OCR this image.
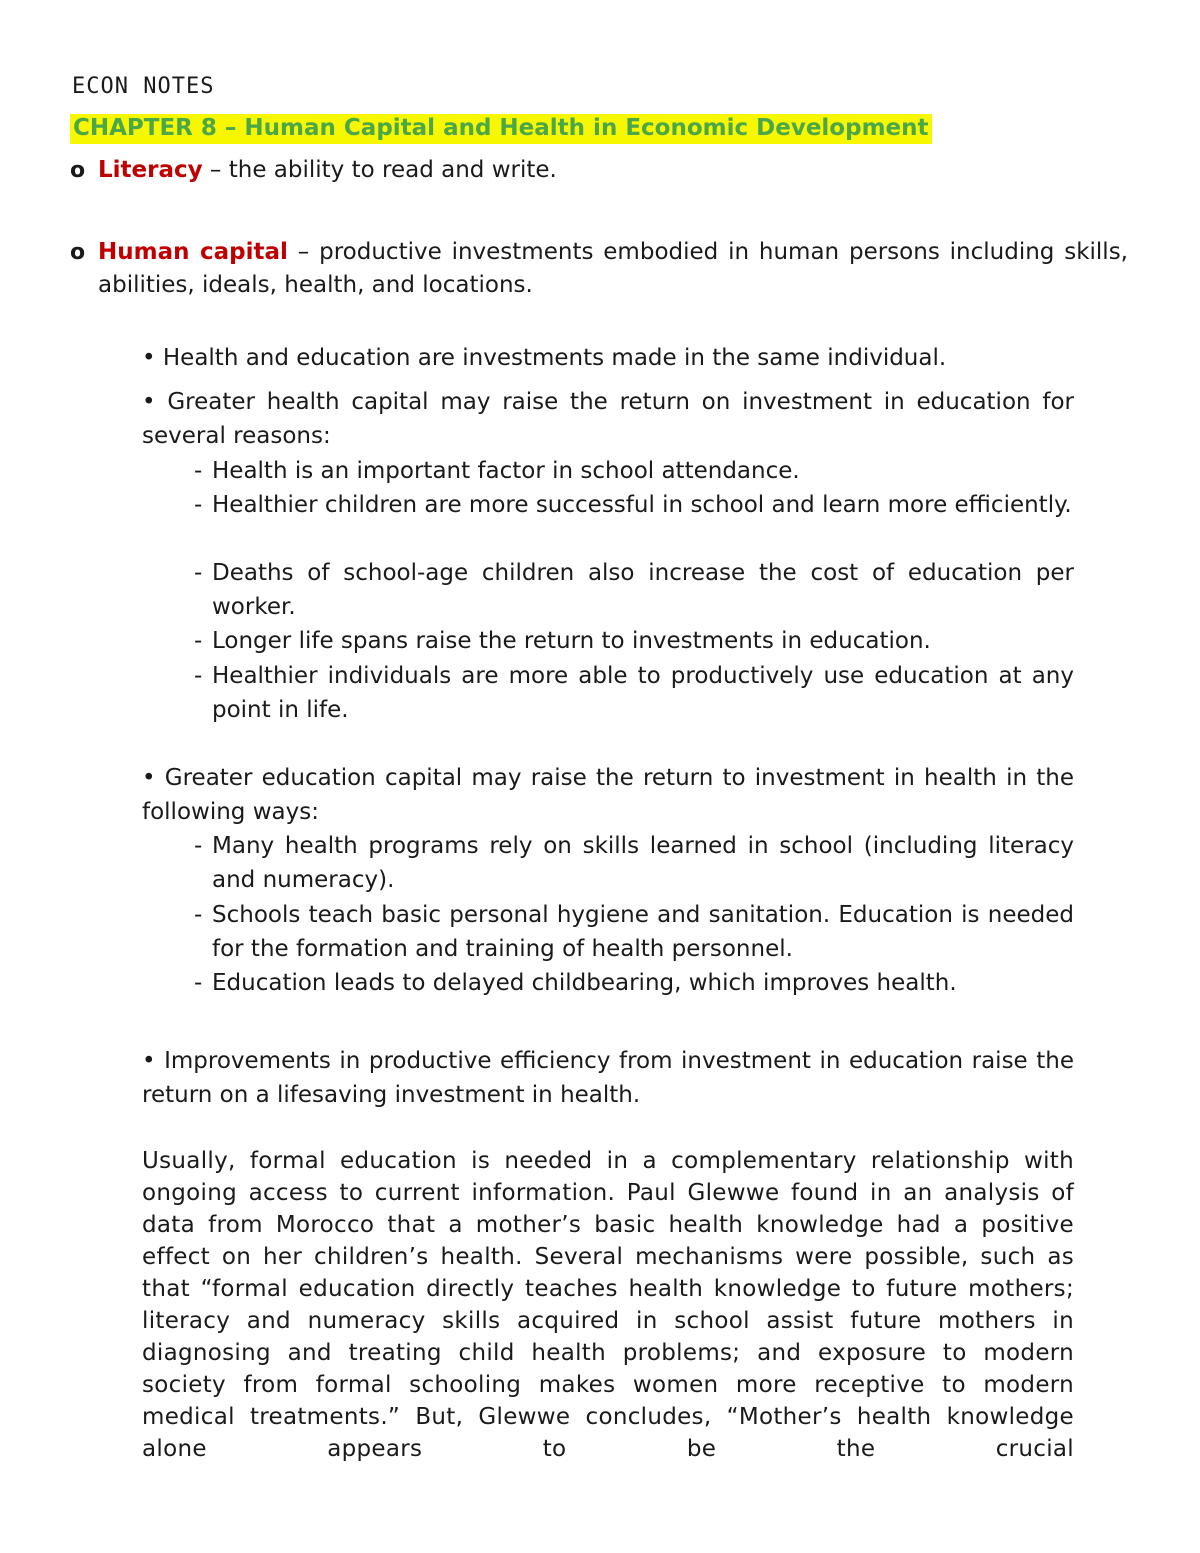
ECON NOTES
CHAPTER 8 – Human Capital and Health in Economic Development
o Literacy – the ability to read and write.
o Human capital – productive investments embodied in human persons including skills, abilities, ideals, health, and locations.
• Health and education are investments made in the same individual.
• Greater health capital may raise the return on investment in education for several reasons:
- Health is an important factor in school attendance.
- Healthier children are more successful in school and learn more efficiently.
- Deaths of school-age children also increase the cost of education per worker.
- Longer life spans raise the return to investments in education.
- Healthier individuals are more able to productively use education at any point in life.
• Greater education capital may raise the return to investment in health in the following ways:
- Many health programs rely on skills learned in school (including literacy and numeracy).
- Schools teach basic personal hygiene and sanitation. Education is needed for the formation and training of health personnel.
- Education leads to delayed childbearing, which improves health.
• Improvements in productive efficiency from investment in education raise the return on a lifesaving investment in health.
Usually, formal education is needed in a complementary relationship with ongoing access to current information. Paul Glewwe found in an analysis of data from Morocco that a mother’s basic health knowledge had a positive effect on her children’s health. Several mechanisms were possible, such as that “formal education directly teaches health knowledge to future mothers; literacy and numeracy skills acquired in school assist future mothers in diagnosing and treating child health problems; and exposure to modern society from formal schooling makes women more receptive to modern medical treatments.” But, Glewwe concludes, “Mother’s health knowledge alone appears to be the crucial
